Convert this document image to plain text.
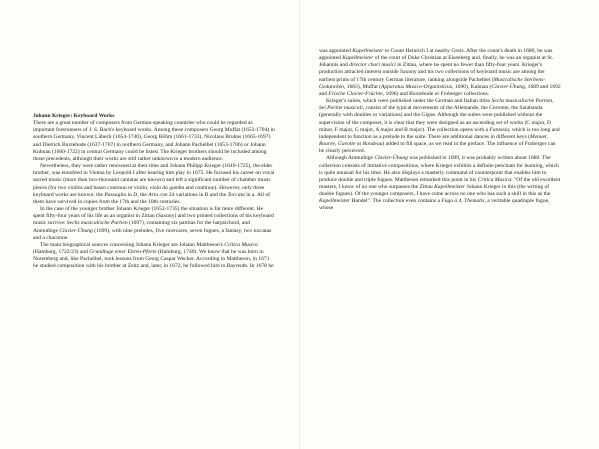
Johann Krieger: Keyboard Works

There are a great number of composers from German-speaking countries who could be regarded as important forerunners of J. S. Bach's keyboard works. Among these composers Georg Muffat (1653-1704) in southern Germany, Vincent Lübeck (1654-1740), Georg Böhm (1661-1733), Nicolaus Bruhns (1665-1697) and Dietrich Buxtehude (1637-1707) in northern Germany, and Johann Pachelbel (1653-1706) or Johann Kuhnau (1660-1722) in central Germany could be listed. The Krieger brothers should be included among those precedents, although their works are still rather unknown to a modern audience.

Nevertheless, they were rather renowned at their time and Johann Philipp Krieger (1649-1725), the elder brother, was ennobled in Vienna by Leopold I after hearing him play in 1675. He focused his career on vocal sacred music (more than two-thousand cantatas are known) and left a significant number of chamber music pieces (for two violins and basso continuo or violin, viola da gamba and continuo). However, only three keyboard works are known: the Passaglia in D, the Aria con 24 variations in B and the Toccata in a. All of them have survived in copies from the 17th and the 18th centuries.

In the case of the younger brother Johann Krieger (1652-1735) the situation is far more different. He spent fifty-four years of his life as an organist in Zittau (Saxony) and two printed collections of his keyboard music survive: Sechs musicalische Partien (1697), containing six partitas for the harpsichord, and Anmuthige Clavier-Übung (1699), with nine preludes, five ricercares, seven fugues, a fantasy, two toccatas and a chaconne.

The main biographical sources concerning Johann Krieger are Johann Mattheson's Critica Musica (Hamburg, 1722/23) and Grundlage einer Ehren-Pforte (Hamburg, 1740). We know that he was born in Nuremberg and, like Pachelbel, took lessons from Georg Caspar Wecker. According to Mattheson, in 1671 he studied composition with his brother at Zeitz and, later, in 1672, he followed him to Bayreuth. In 1678 he

was appointed Kapellmeister to Count Heinrich I at nearby Greiz. After the count's death in 1680, he was appointed Kapellmeister of the court of Duke Christian at Eisenberg and, finally, he was an organist at St. Johannis and director chori musici in Zittau, where he spent no fewer than fifty-four years. Krieger's production attracted interest outside Saxony and his two collections of keyboard music are among the earliest prints of 17th century German literature, ranking alongside Pachelbel (Musicalische Sterbens-Gedancken, 1683), Muffat (Apparatus Musico-Organisticus, 1690), Kuhnau (Clavier-Übung, 1689 and 1692 and Frische Clavier-Früchte, 1696) and Buxtehude or Froberger collections.

Krieger's suites, which were published under the German and Italian titles Sechs musicalische Partien, Sei Partite musicali, consist of the typical movements of the Allemande, the Corrente, the Sarabanda (generally with doubles or variations) and the Gigue. Although the suites were published without the supervision of the composer, it is clear that they were designed as an ascending set of works (C major, D minor, F major, G major, A major and B major). The collection opens with a Fantasia, which is too long and independent to function as a prelude to the suite. There are additional dances in different keys (Menuet, Bourée, Gavotte or Rondeau) added to fill space, as we read in the preface. The influence of Froberger can be clearly perceived.

Although Anmuthige Clavier-Übung was published in 1699, it was probably written about 1680. The collection consists of imitative compositions, where Krieger exhibits a definite penchant for learning, which is quite unusual for his time. He also displays a masterly command of counterpoint that enables him to produce double and triple fugues. Mattheson remarked this point in his Critica Musica: "Of the old excellent masters, I know of no one who surpasses the Zittau Kapellmeister Johann Krieger in this (the writing of double fugues). Of the younger composers, I have come across no one who has such a skill in this as the Kapellmeister Handel". The collection even contains a Fuga à 4. Thematis, a veritable quadruple fugue, whose
